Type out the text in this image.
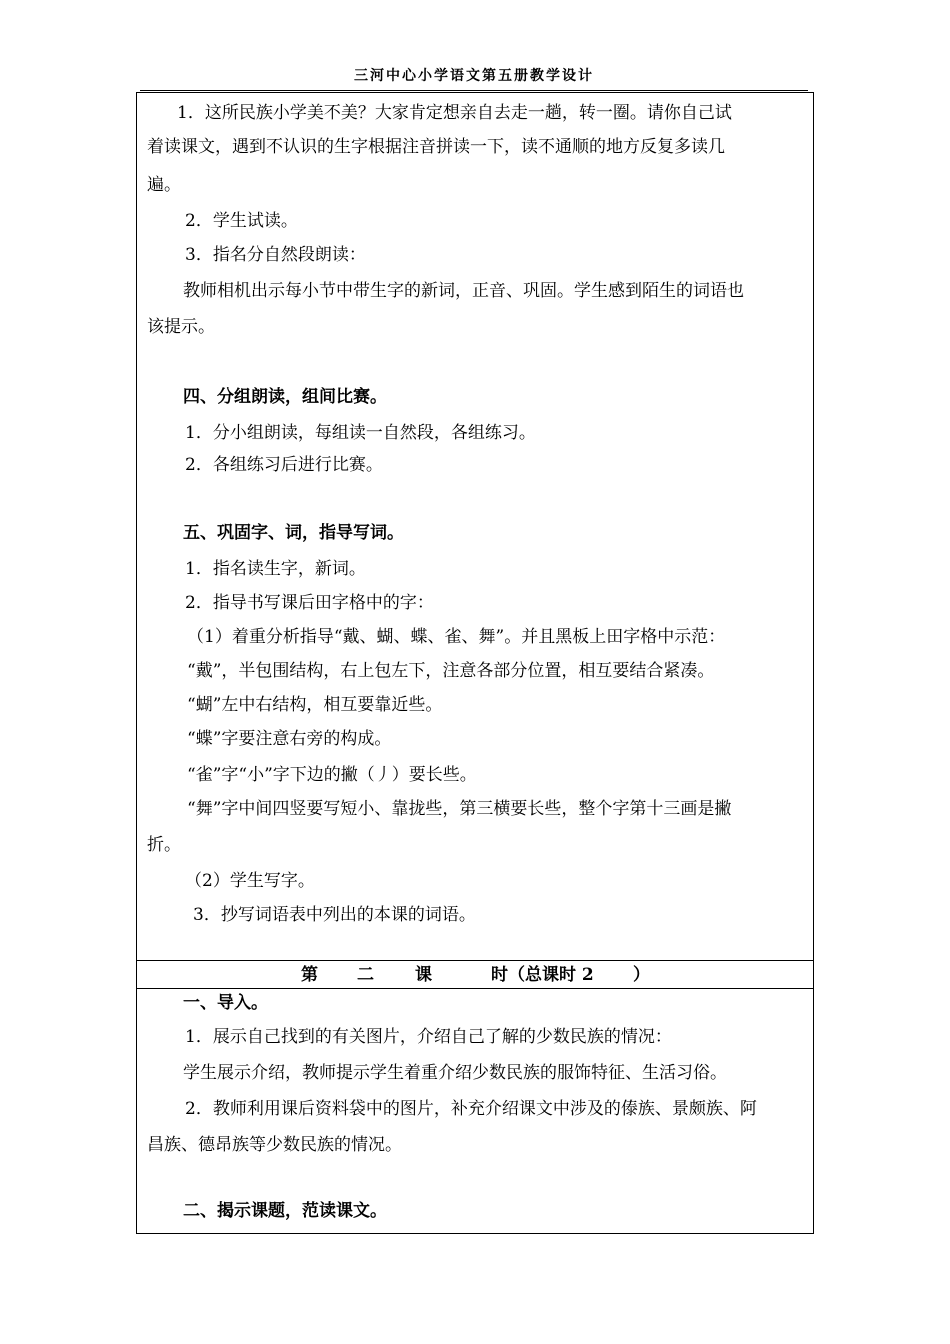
三河中心小学语文第五册教学设计
1．这所民族小学美不美？大家肯定想亲自去走一趟，转一圈。请你自己试
着读课文，遇到不认识的生字根据注音拼读一下，读不通顺的地方反复多读几
遍。
2．学生试读。
3．指名分自然段朗读：
教师相机出示每小节中带生字的新词，正音、巩固。学生感到陌生的词语也
该提示。
四、分组朗读，组间比赛。
1．分小组朗读，每组读一自然段，各组练习。
2．各组练习后进行比赛。
五、巩固字、词，指导写词。
1．指名读生字，新词。
2．指导书写课后田字格中的字：
（1）着重分析指导“戴、蝴、蝶、雀、舞”。并且黑板上田字格中示范：
“戴”，半包围结构，右上包左下，注意各部分位置，相互要结合紧凑。
“蝴”左中右结构，相互要靠近些。
“蝶”字要注意右旁的构成。
“雀”字“小”字下边的撇（丿）要长些。
“舞”字中间四竖要写短小、靠拢些，第三横要长些，整个字第十三画是撇
折。
（2）学生写字。
3．抄写词语表中列出的本课的词语。
第 二 课	时（总课时 2 ）
一、导入。
1．展示自己找到的有关图片，介绍自己了解的少数民族的情况：
学生展示介绍，教师提示学生着重介绍少数民族的服饰特征、生活习俗。
2．教师利用课后资料袋中的图片，补充介绍课文中涉及的傣族、景颇族、阿
昌族、德昂族等少数民族的情况。
二、揭示课题，范读课文。
